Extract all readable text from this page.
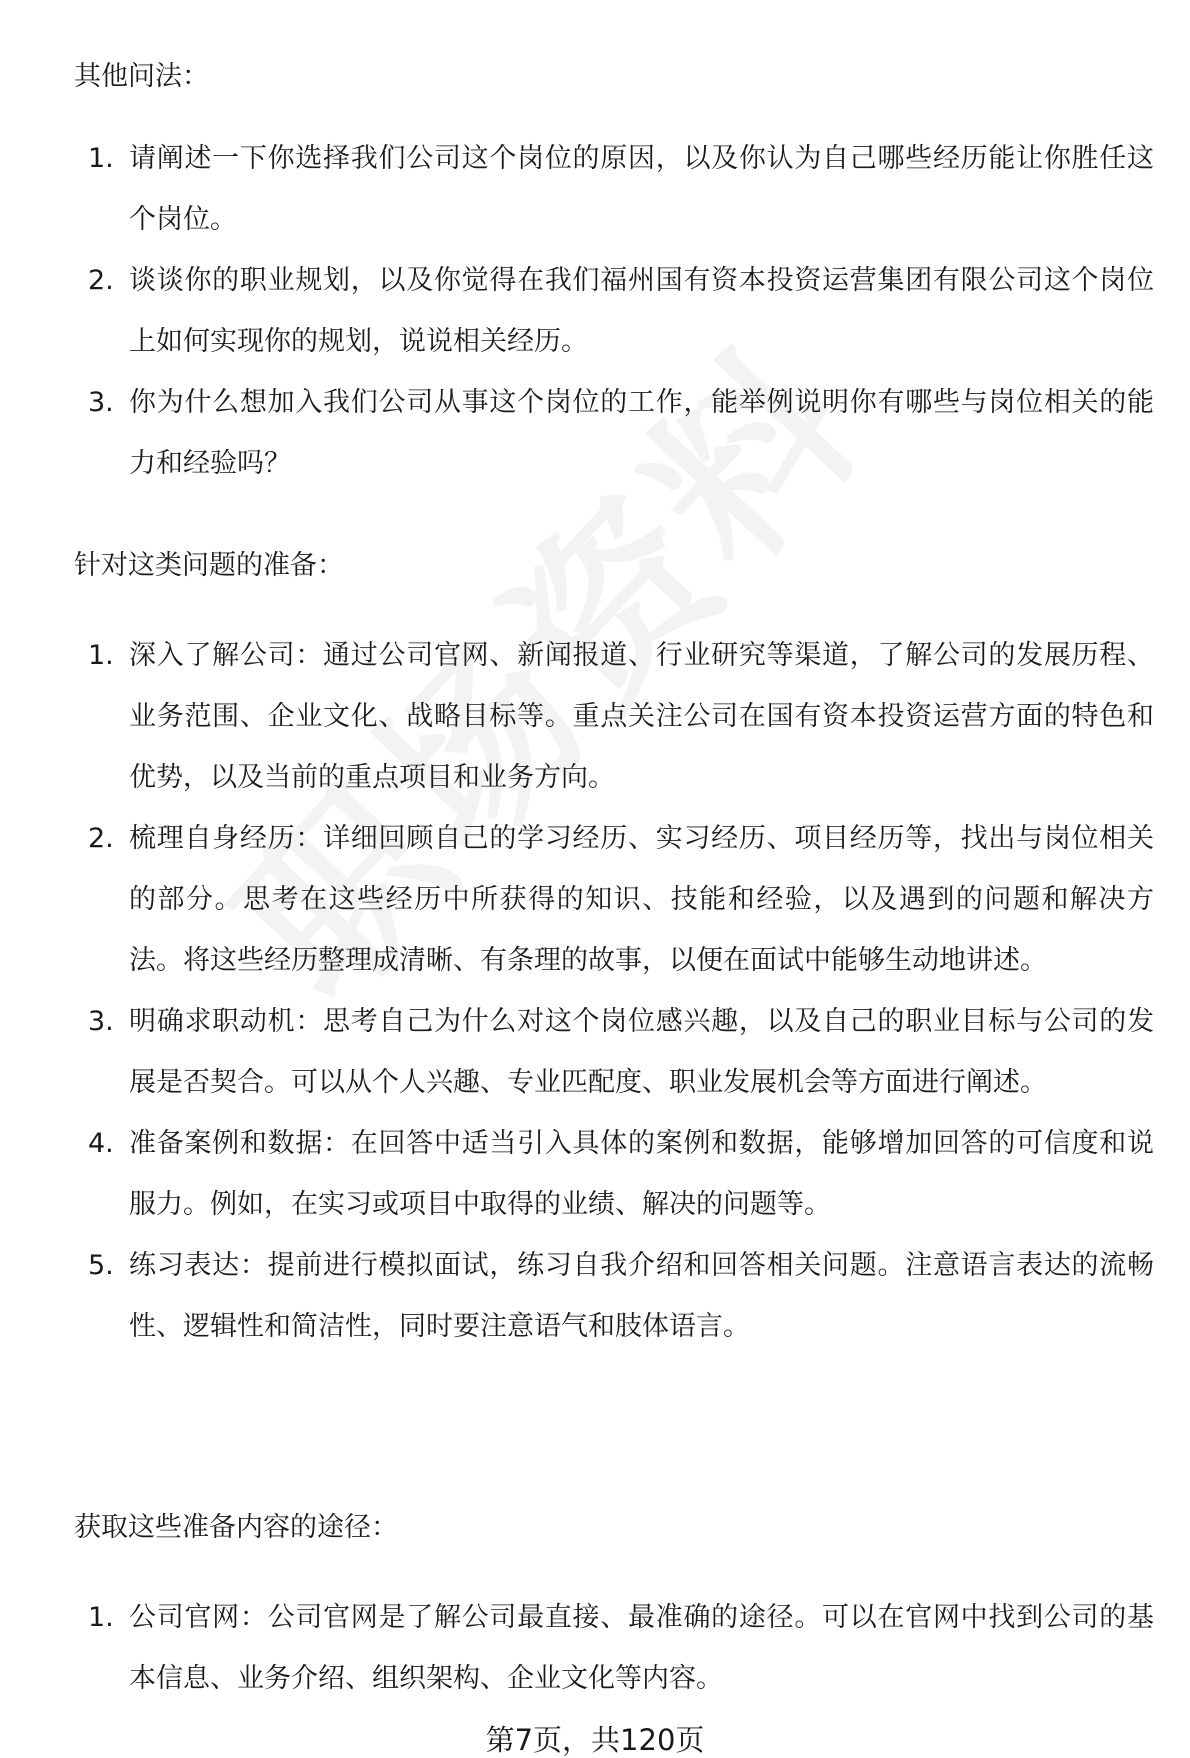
其他问法：
1. 请阐述一下你选择我们公司这个岗位的原因，以及你认为自己哪些经历能让你胜任这个岗位。
2. 谈谈你的职业规划，以及你觉得在我们福州国有资本投资运营集团有限公司这个岗位上如何实现你的规划，说说相关经历。
3. 你为什么想加入我们公司从事这个岗位的工作，能举例说明你有哪些与岗位相关的能力和经验吗？
针对这类问题的准备：
1. 深入了解公司：通过公司官网、新闻报道、行业研究等渠道，了解公司的发展历程、业务范围、企业文化、战略目标等。重点关注公司在国有资本投资运营方面的特色和优势，以及当前的重点项目和业务方向。
2. 梳理自身经历：详细回顾自己的学习经历、实习经历、项目经历等，找出与岗位相关的部分。思考在这些经历中所获得的知识、技能和经验，以及遇到的问题和解决方法。将这些经历整理成清晰、有条理的故事，以便在面试中能够生动地讲述。
3. 明确求职动机：思考自己为什么对这个岗位感兴趣，以及自己的职业目标与公司的发展是否契合。可以从个人兴趣、专业匹配度、职业发展机会等方面进行阐述。
4. 准备案例和数据：在回答中适当引入具体的案例和数据，能够增加回答的可信度和说服力。例如，在实习或项目中取得的业绩、解决的问题等。
5. 练习表达：提前进行模拟面试，练习自我介绍和回答相关问题。注意语言表达的流畅性、逻辑性和简洁性，同时要注意语气和肢体语言。
获取这些准备内容的途径：
1. 公司官网：公司官网是了解公司最直接、最准确的途径。可以在官网中找到公司的基本信息、业务介绍、组织架构、企业文化等内容。
第7页，共120页
